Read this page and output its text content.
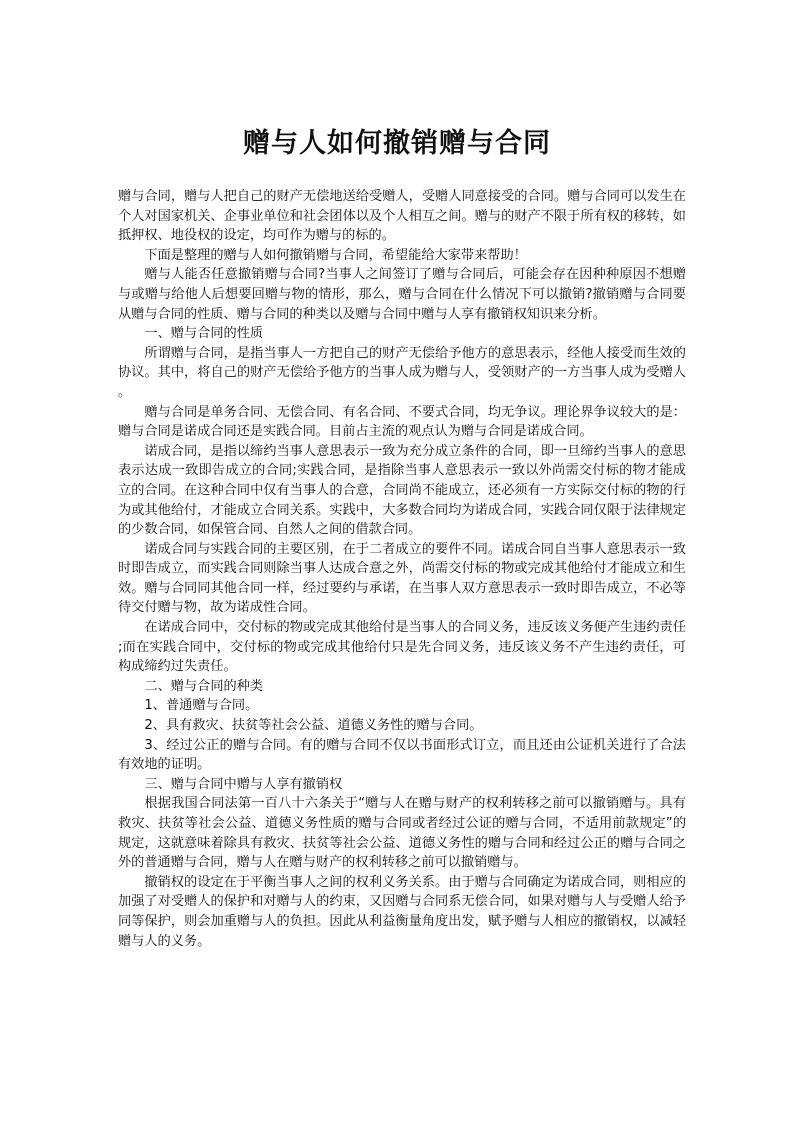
赠与人如何撤销赠与合同

赠与合同，赠与人把自己的财产无偿地送给受赠人，受赠人同意接受的合同。赠与合同可以发生在个人对国家机关、企事业单位和社会团体以及个人相互之间。赠与的财产不限于所有权的移转，如抵押权、地役权的设定，均可作为赠与的标的。

下面是整理的赠与人如何撤销赠与合同，希望能给大家带来帮助！

赠与人能否任意撤销赠与合同?当事人之间签订了赠与合同后，可能会存在因种种原因不想赠与或赠与给他人后想要回赠与物的情形，那么，赠与合同在什么情况下可以撤销?撤销赠与合同要从赠与合同的性质、赠与合同的种类以及赠与合同中赠与人享有撤销权知识来分析。

一、赠与合同的性质

所谓赠与合同，是指当事人一方把自己的财产无偿给予他方的意思表示，经他人接受而生效的协议。其中，将自己的财产无偿给予他方的当事人成为赠与人，受领财产的一方当事人成为受赠人。

赠与合同是单务合同、无偿合同、有名合同、不要式合同，均无争议。理论界争议较大的是：赠与合同是诺成合同还是实践合同。目前占主流的观点认为赠与合同是诺成合同。

诺成合同，是指以缔约当事人意思表示一致为充分成立条件的合同，即一旦缔约当事人的意思表示达成一致即告成立的合同;实践合同，是指除当事人意思表示一致以外尚需交付标的物才能成立的合同。在这种合同中仅有当事人的合意，合同尚不能成立，还必须有一方实际交付标的物的行为或其他给付，才能成立合同关系。实践中，大多数合同均为诺成合同，实践合同仅限于法律规定的少数合同，如保管合同、自然人之间的借款合同。

诺成合同与实践合同的主要区别，在于二者成立的要件不同。诺成合同自当事人意思表示一致时即告成立，而实践合同则除当事人达成合意之外，尚需交付标的物或完成其他给付才能成立和生效。赠与合同同其他合同一样，经过要约与承诺，在当事人双方意思表示一致时即告成立，不必等待交付赠与物，故为诺成性合同。

在诺成合同中，交付标的物或完成其他给付是当事人的合同义务，违反该义务便产生违约责任;而在实践合同中，交付标的物或完成其他给付只是先合同义务，违反该义务不产生违约责任，可构成缔约过失责任。

二、赠与合同的种类

1、普通赠与合同。

2、具有救灾、扶贫等社会公益、道德义务性的赠与合同。

3、经过公正的赠与合同。有的赠与合同不仅以书面形式订立，而且还由公证机关进行了合法有效地的证明。

三、赠与合同中赠与人享有撤销权

根据我国合同法第一百八十六条关于“赠与人在赠与财产的权利转移之前可以撤销赠与。具有救灾、扶贫等社会公益、道德义务性质的赠与合同或者经过公证的赠与合同，不适用前款规定”的规定，这就意味着除具有救灾、扶贫等社会公益、道德义务性的赠与合同和经过公正的赠与合同之外的普通赠与合同，赠与人在赠与财产的权利转移之前可以撤销赠与。

撤销权的设定在于平衡当事人之间的权利义务关系。由于赠与合同确定为诺成合同，则相应的加强了对受赠人的保护和对赠与人的约束，又因赠与合同系无偿合同，如果对赠与人与受赠人给予同等保护，则会加重赠与人的负担。因此从利益衡量角度出发，赋予赠与人相应的撤销权，以减轻赠与人的义务。
